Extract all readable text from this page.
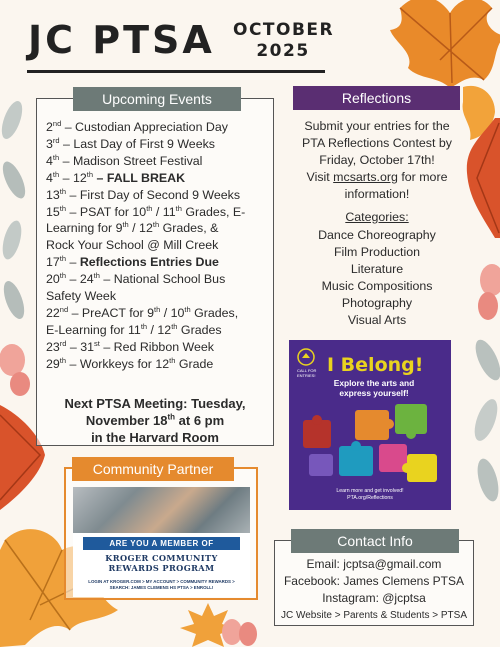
JC PTSA OCTOBER
2025
Upcoming Events

2nd – Custodian Appreciation Day

3rd – Last Day of First 9 Weeks

4th – Madison Street Festival

4th – 12th – FALL BREAK

13th – First Day of Second 9 Weeks

15th – PSAT for 10th / 11th Grades, E-

Learning for 9th / 12th Grades, &

Rock Your School @ Mill Creek

17th – Reflections Entries Due

20th – 24th – National School Bus

Safety Week

22nd – PreACT for 9th / 10th Grades,

E-Learning for 11th / 12th Grades

23rd – 31st – Red Ribbon Week

29th – Workkeys for 12th Grade

Next PTSA Meeting: Tuesday,
November 18th at 6 pm
in the Harvard Room
Reflections
Submit your entries for the
PTA Reflections Contest by
Friday, October 17th!
Visit mcsarts.org for more
information!
Categories:
Dance Choreography
Film Production
Literature
Music Compositions
Photography
Visual Arts
CALL FOR ENTRIES! I Belong!
Explore the arts and
express yourself!
Learn more and get involved!
PTA.org/Reflections
Community Partner
ARE YOU A MEMBER OF
KROGER COMMUNITY
REWARDS PROGRAM
LOGIN AT KROGER.COM > MY ACCOUNT > COMMUNITY REWARDS >
SEARCH: JAMES CLEMENS HS PTSA > ENROLL!
Contact Info
Email: jcptsa@gmail.com
Facebook: James Clemens PTSA
Instagram: @jcptsa
JC Website > Parents & Students > PTSA
